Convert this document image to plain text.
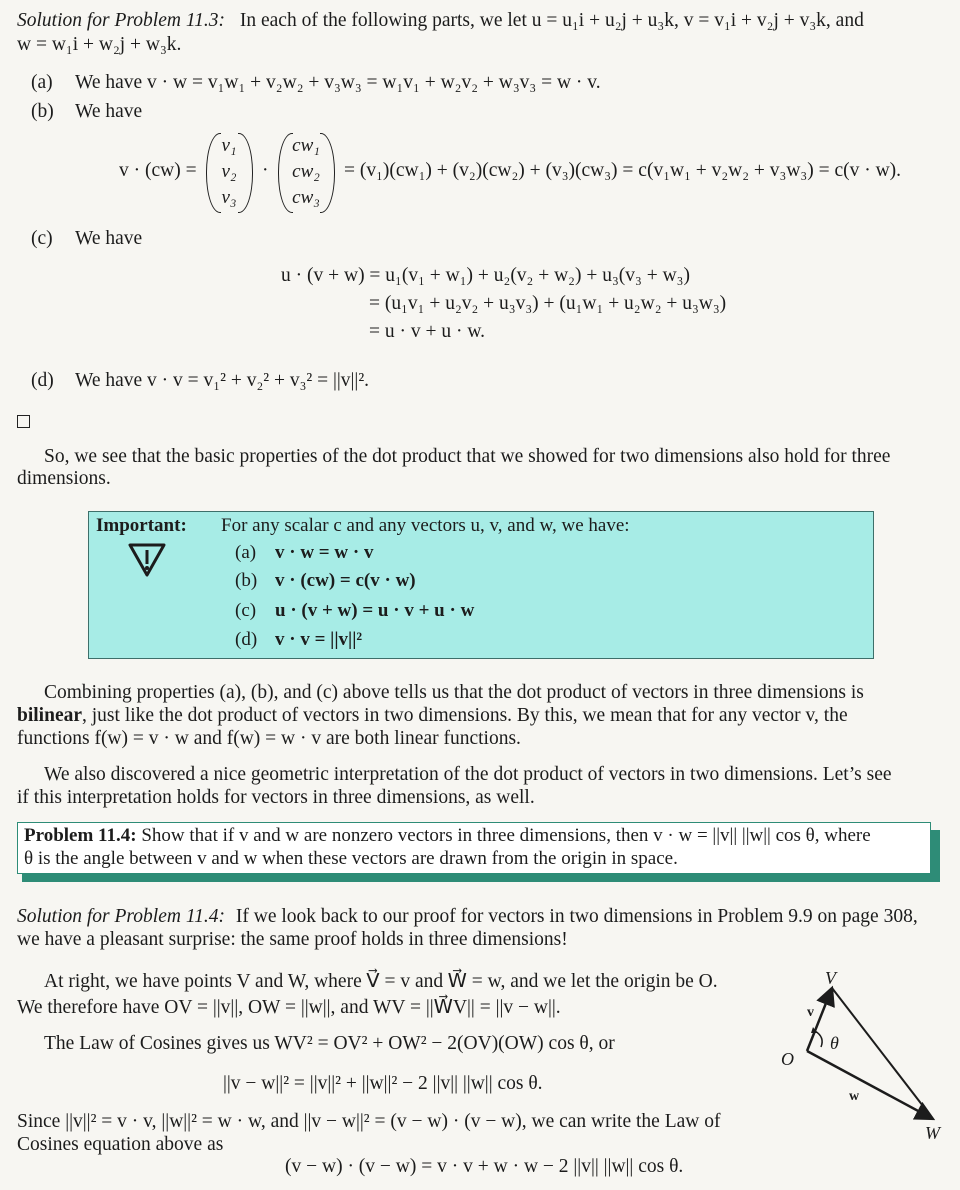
Solution for Problem 11.3: In each of the following parts, we let u = u₁i + u₂j + u₃k, v = v₁i + v₂j + v₃k, and
w = w₁i + w₂j + w₃k.
(a) We have v · w = v₁w₁ + v₂w₂ + v₃w₃ = w₁v₁ + w₂v₂ + w₃v₃ = w · v.
(b) We have
v · (cw) =
v₁
v₂
v₃
·
cw₁
cw₂
cw₃
= (v₁)(cw₁) + (v₂)(cw₂) + (v₃)(cw₃) = c(v₁w₁ + v₂w₂ + v₃w₃) = c(v · w).
(c) We have
u · (v + w) = u₁(v₁ + w₁) + u₂(v₂ + w₂) + u₃(v₃ + w₃)
= (u₁v₁ + u₂v₂ + u₃v₃) + (u₁w₁ + u₂w₂ + u₃w₃)
= u · v + u · w.
(d) We have v · v = v₁² + v₂² + v₃² = ||v||².
So, we see that the basic properties of the dot product that we showed for two dimensions also hold for three
dimensions.
Important: For any scalar c and any vectors u, v, and w, we have:
(a) v · w = w · v
(b) v · (cw) = c(v · w)
(c) u · (v + w) = u · v + u · w
(d) v · v = ||v||²
Combining properties (a), (b), and (c) above tells us that the dot product of vectors in three dimensions is
bilinear, just like the dot product of vectors in two dimensions. By this, we mean that for any vector v, the
functions f(w) = v · w and f(w) = w · v are both linear functions.
We also discovered a nice geometric interpretation of the dot product of vectors in two dimensions. Let’s see
if this interpretation holds for vectors in three dimensions, as well.
Problem 11.4: Show that if v and w are nonzero vectors in three dimensions, then v · w = ||v|| ||w|| cos θ, where
θ is the angle between v and w when these vectors are drawn from the origin in space.
Solution for Problem 11.4: If we look back to our proof for vectors in two dimensions in Problem 9.9 on page 308,
we have a pleasant surprise: the same proof holds in three dimensions!
At right, we have points V and W, where V⃗ = v and W⃗ = w, and we let the origin be O.
We therefore have OV = ||v||, OW = ||w||, and WV = ||W⃗V|| = ||v − w||.
The Law of Cosines gives us WV² = OV² + OW² − 2(OV)(OW) cos θ, or
||v − w||² = ||v||² + ||w||² − 2 ||v|| ||w|| cos θ.
Since ||v||² = v · v, ||w||² = w · w, and ||v − w||² = (v − w) · (v − w), we can write the Law of
Cosines equation above as
(v − w) · (v − w) = v · v + w · w − 2 ||v|| ||w|| cos θ.
V
W
O
θ
v
w
